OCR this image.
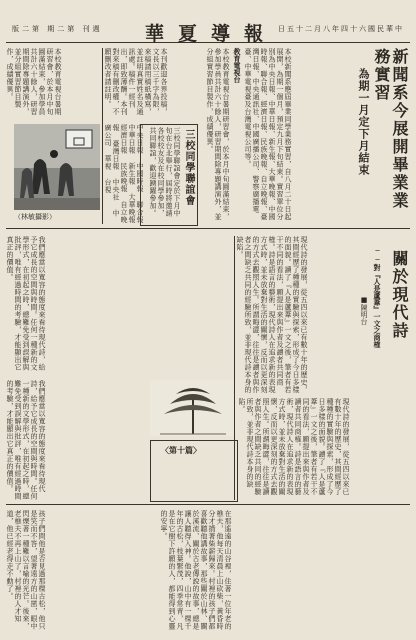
版二第 期二第 刊週	華夏導報 日五十二月八年四十六國民華中
新聞系今展開畢業業務實習
為期一月定下月結束
本校新聞系應屆畢業同學業務實習，自八月二十日起展開，為期一個月，預定九月下旬結束。實習單位分別為中央日報、中華日報、新生報、大華晚報、中國時報、聯合報、經濟日報、民族晚報、自立晚報、臺灣日報、中央通訊社、中國廣播公司、警察廣播電臺、中華電視臺及台灣電視公司等。
教育電視台
本校教育電視台暑期研習會，於本月中旬圓滿結束，參加學員共計六十餘人，研習期間除專題講演外，並分組實習節目製作，成績優異。
三校同學聯誼會
三校同學聯誼會定於下月中旬在台北舉行，屆時將邀請各校校友及在校同學參加，共同聯誼，歡迎踴躍參加。
中央日報 中國時報 聯合報 中華日報 新生報 大華晚報 經濟日報 民族晚報 自立晚報 臺灣日報 中央社 中廣公司 華視 台視
本刊歡迎各界投稿，文長以三千字為限，來稿請用稿紙橫寫，並註明真實姓名及通訊處。稿件一經刊出，即致薄酬。本刊對來稿有刪改權，不願刪改者請註明。
本校教育電視台暑期研習會，於本月中旬圓滿結束，參加學員共計六十餘人，研習期間除專題講演外，並分組實習節目製作，成績優異。
（林敏攝影）
關於現代詩
──對『人是蘆葦』一文之商榷
■陳明台
現代詩的發展，從五四以來已有數十年的歷史，其間經歷了種種的實驗與探索，形成了今日多樣的面貌。讀了『人是蘆葦』一文之後，筆者有若干不同的看法，願提出來與作者及讀者共同商榷。詩是語言的藝術，現代詩人在追求新的表現方式時，並未放棄對生活的關懷，反而以更深刻的方式去觀照人生。所謂晦澀，往往是讀者與作者之間缺乏共同的經驗所致，並非現代詩本身的缺陷。
我們應當以寬容的態度來看待現代詩，給予它成長的空間與時間。任何一種新的文學形式，在初起之時，總難免受到誤解與批評，唯有經過時間的考驗，才能顯出它真正的價值。
我們應當以寬容的態度來看待現代詩，給予它成長的空間與時間。任何一種新的文學形式，在初起之時，總難免受到誤解與批評，唯有經過時間的考驗，才能顯出它真正的價值。	現代詩的發展，從五四以來已有數十年的歷史，其間經歷了種種的實驗與探索，形成了今日多樣的面貌。讀了『人是蘆葦』一文之後，筆者有若干不同的看法，願提出來與作者及讀者共同商榷。詩是語言的藝術，現代詩人在追求新的表現方式時，並未放棄對生活的關懷，反而以更深刻的方式去觀照人生。所謂晦澀，往往是讀者與作者之間缺乏共同的經驗所致，並非現代詩本身的缺陷。
〈第十篇〉
在那遙遠的山谷裡，住著一位年老的樵夫，他每天清晨上山砍柴，黃昏時分才揹著柴薪歸來。村裡的孩子們都喜歡聽他講故事，那些關於山林、關於溪流、關於古老傳說的故事，總是讓人聽得入神。他說，山中有一棵千年的古松，枝葉繁茂，四季常青，凡是在它樹下許願的人，都能得到心靈的安寧。
孩子們問他是否見過那棵古松，他只是笑而不答，望著遠方的山巒，眼中閃爍著一種難以言喻的光芒。後來，老樵夫不再上山了，村裡的人才知道，他已經老得走不動了。
